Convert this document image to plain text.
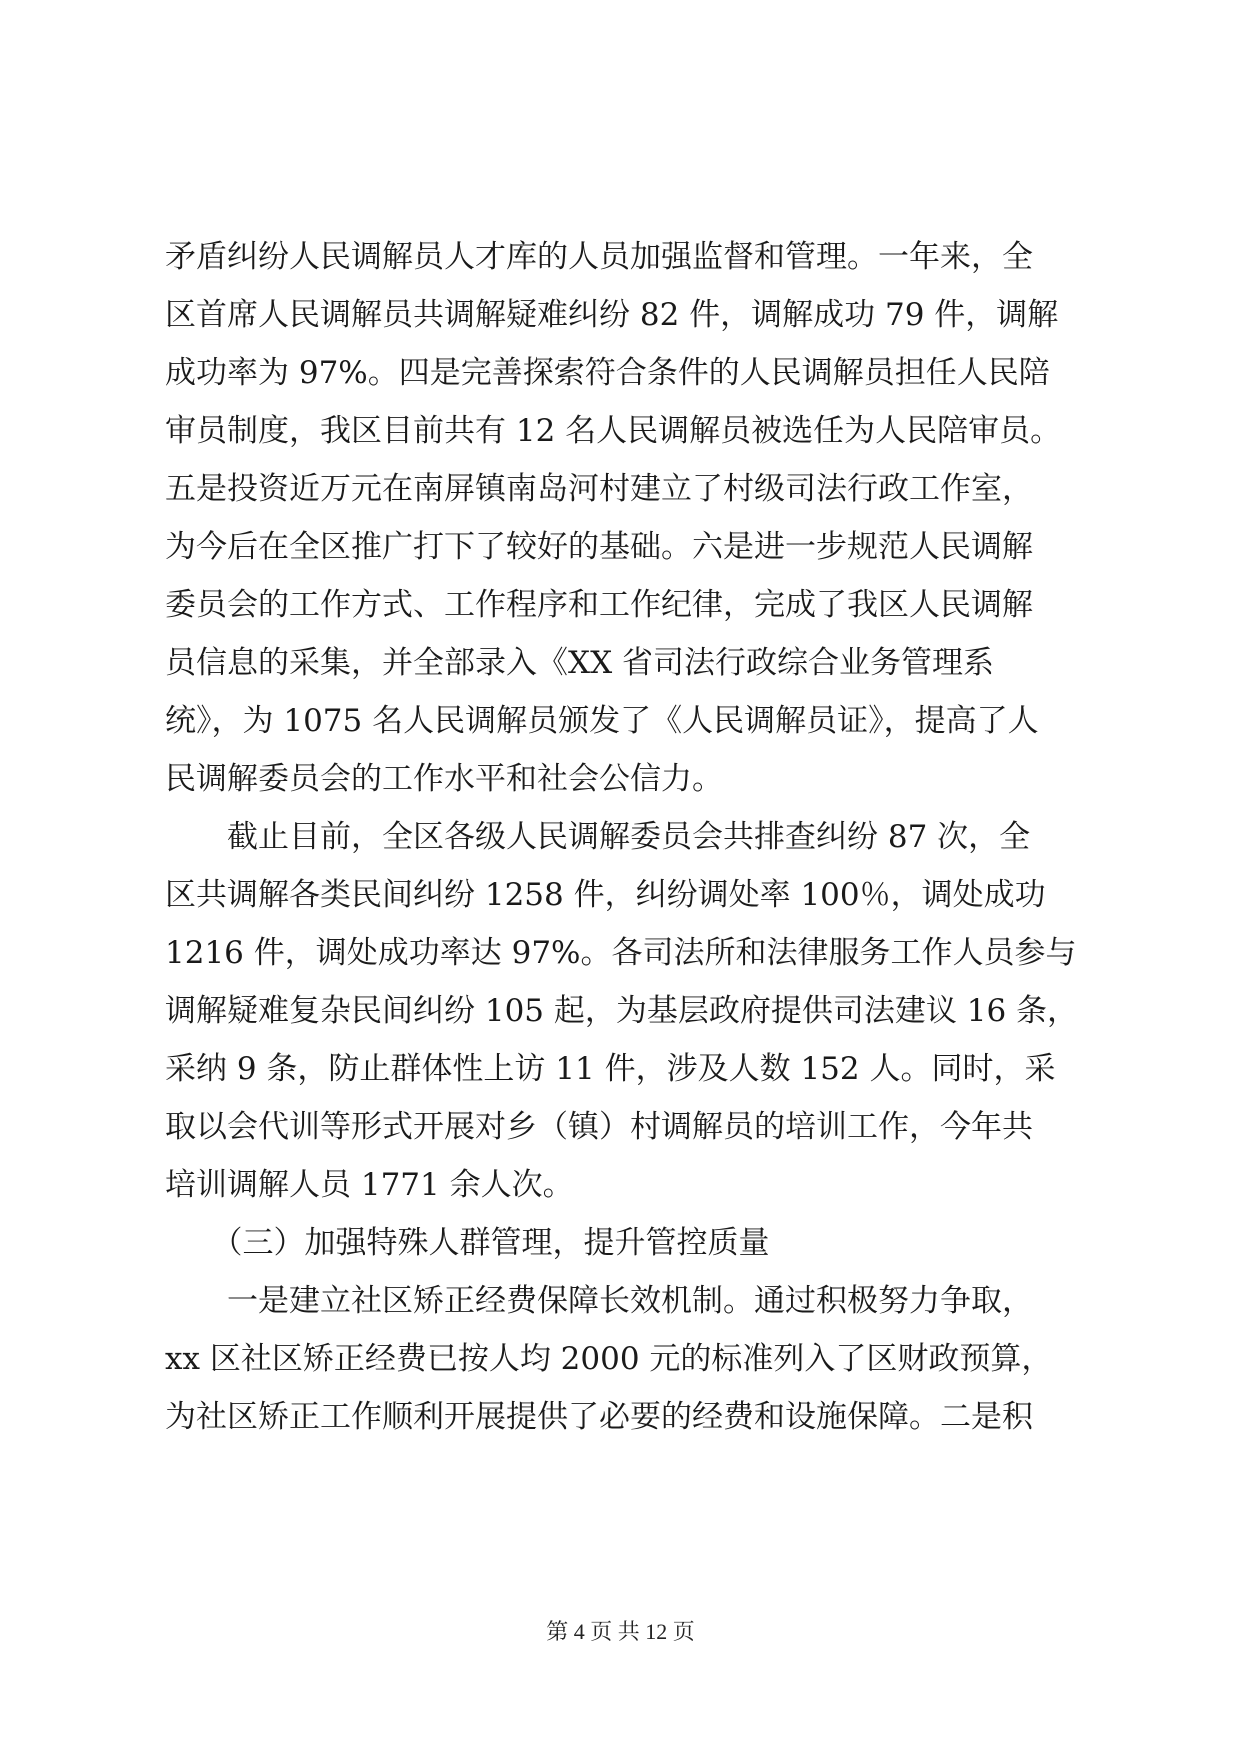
矛盾纠纷人民调解员人才库的人员加强监督和管理。一年来，全

区首席人民调解员共调解疑难纠纷 82 件，调解成功 79 件，调解

成功率为 97%。四是完善探索符合条件的人民调解员担任人民陪

审员制度，我区目前共有 12 名人民调解员被选任为人民陪审员。

五是投资近万元在南屏镇南岛河村建立了村级司法行政工作室，

为今后在全区推广打下了较好的基础。六是进一步规范人民调解

委员会的工作方式、工作程序和工作纪律，完成了我区人民调解

员信息的采集，并全部录入《XX 省司法行政综合业务管理系

统》，为 1075 名人民调解员颁发了《人民调解员证》，提高了人

民调解委员会的工作水平和社会公信力。

　　截止目前，全区各级人民调解委员会共排查纠纷 87 次，全

区共调解各类民间纠纷 1258 件，纠纷调处率 100％，调处成功

1216 件，调处成功率达 97%。各司法所和法律服务工作人员参与

调解疑难复杂民间纠纷 105 起，为基层政府提供司法建议 16 条，

采纳 9 条，防止群体性上访 11 件，涉及人数 152 人。同时，采

取以会代训等形式开展对乡（镇）村调解员的培训工作，今年共

培训调解人员 1771 余人次。

　　（三）加强特殊人群管理，提升管控质量

　　一是建立社区矫正经费保障长效机制。通过积极努力争取，

xx 区社区矫正经费已按人均 2000 元的标准列入了区财政预算，

为社区矫正工作顺利开展提供了必要的经费和设施保障。二是积

第 4 页 共 12 页
